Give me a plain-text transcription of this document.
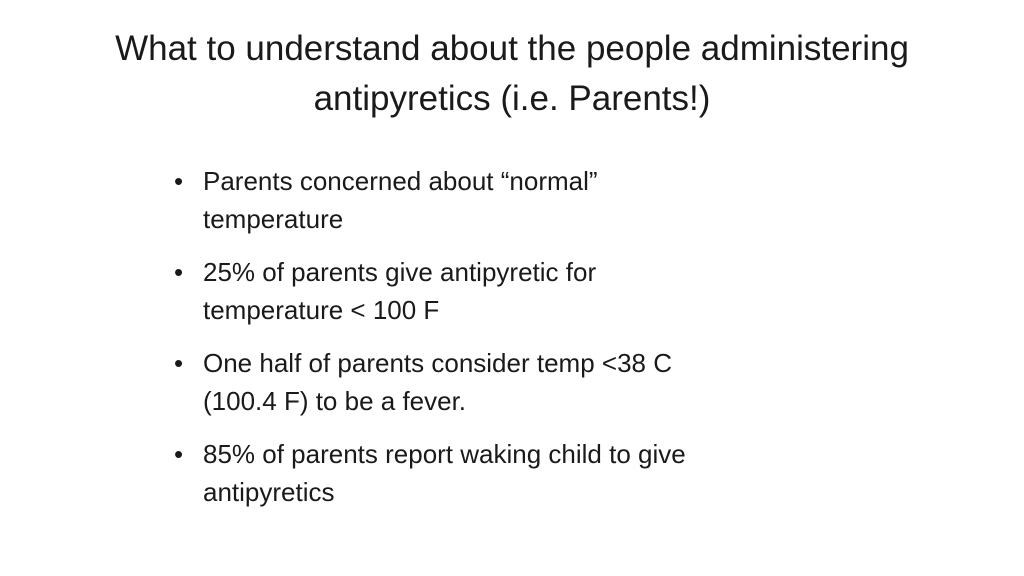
What to understand about the people administering
antipyretics (i.e. Parents!)
• Parents concerned about “normal”
temperature
• 25% of parents give antipyretic for
temperature < 100 F
• One half of parents consider temp <38 C
(100.4 F) to be a fever.
• 85% of parents report waking child to give
antipyretics
